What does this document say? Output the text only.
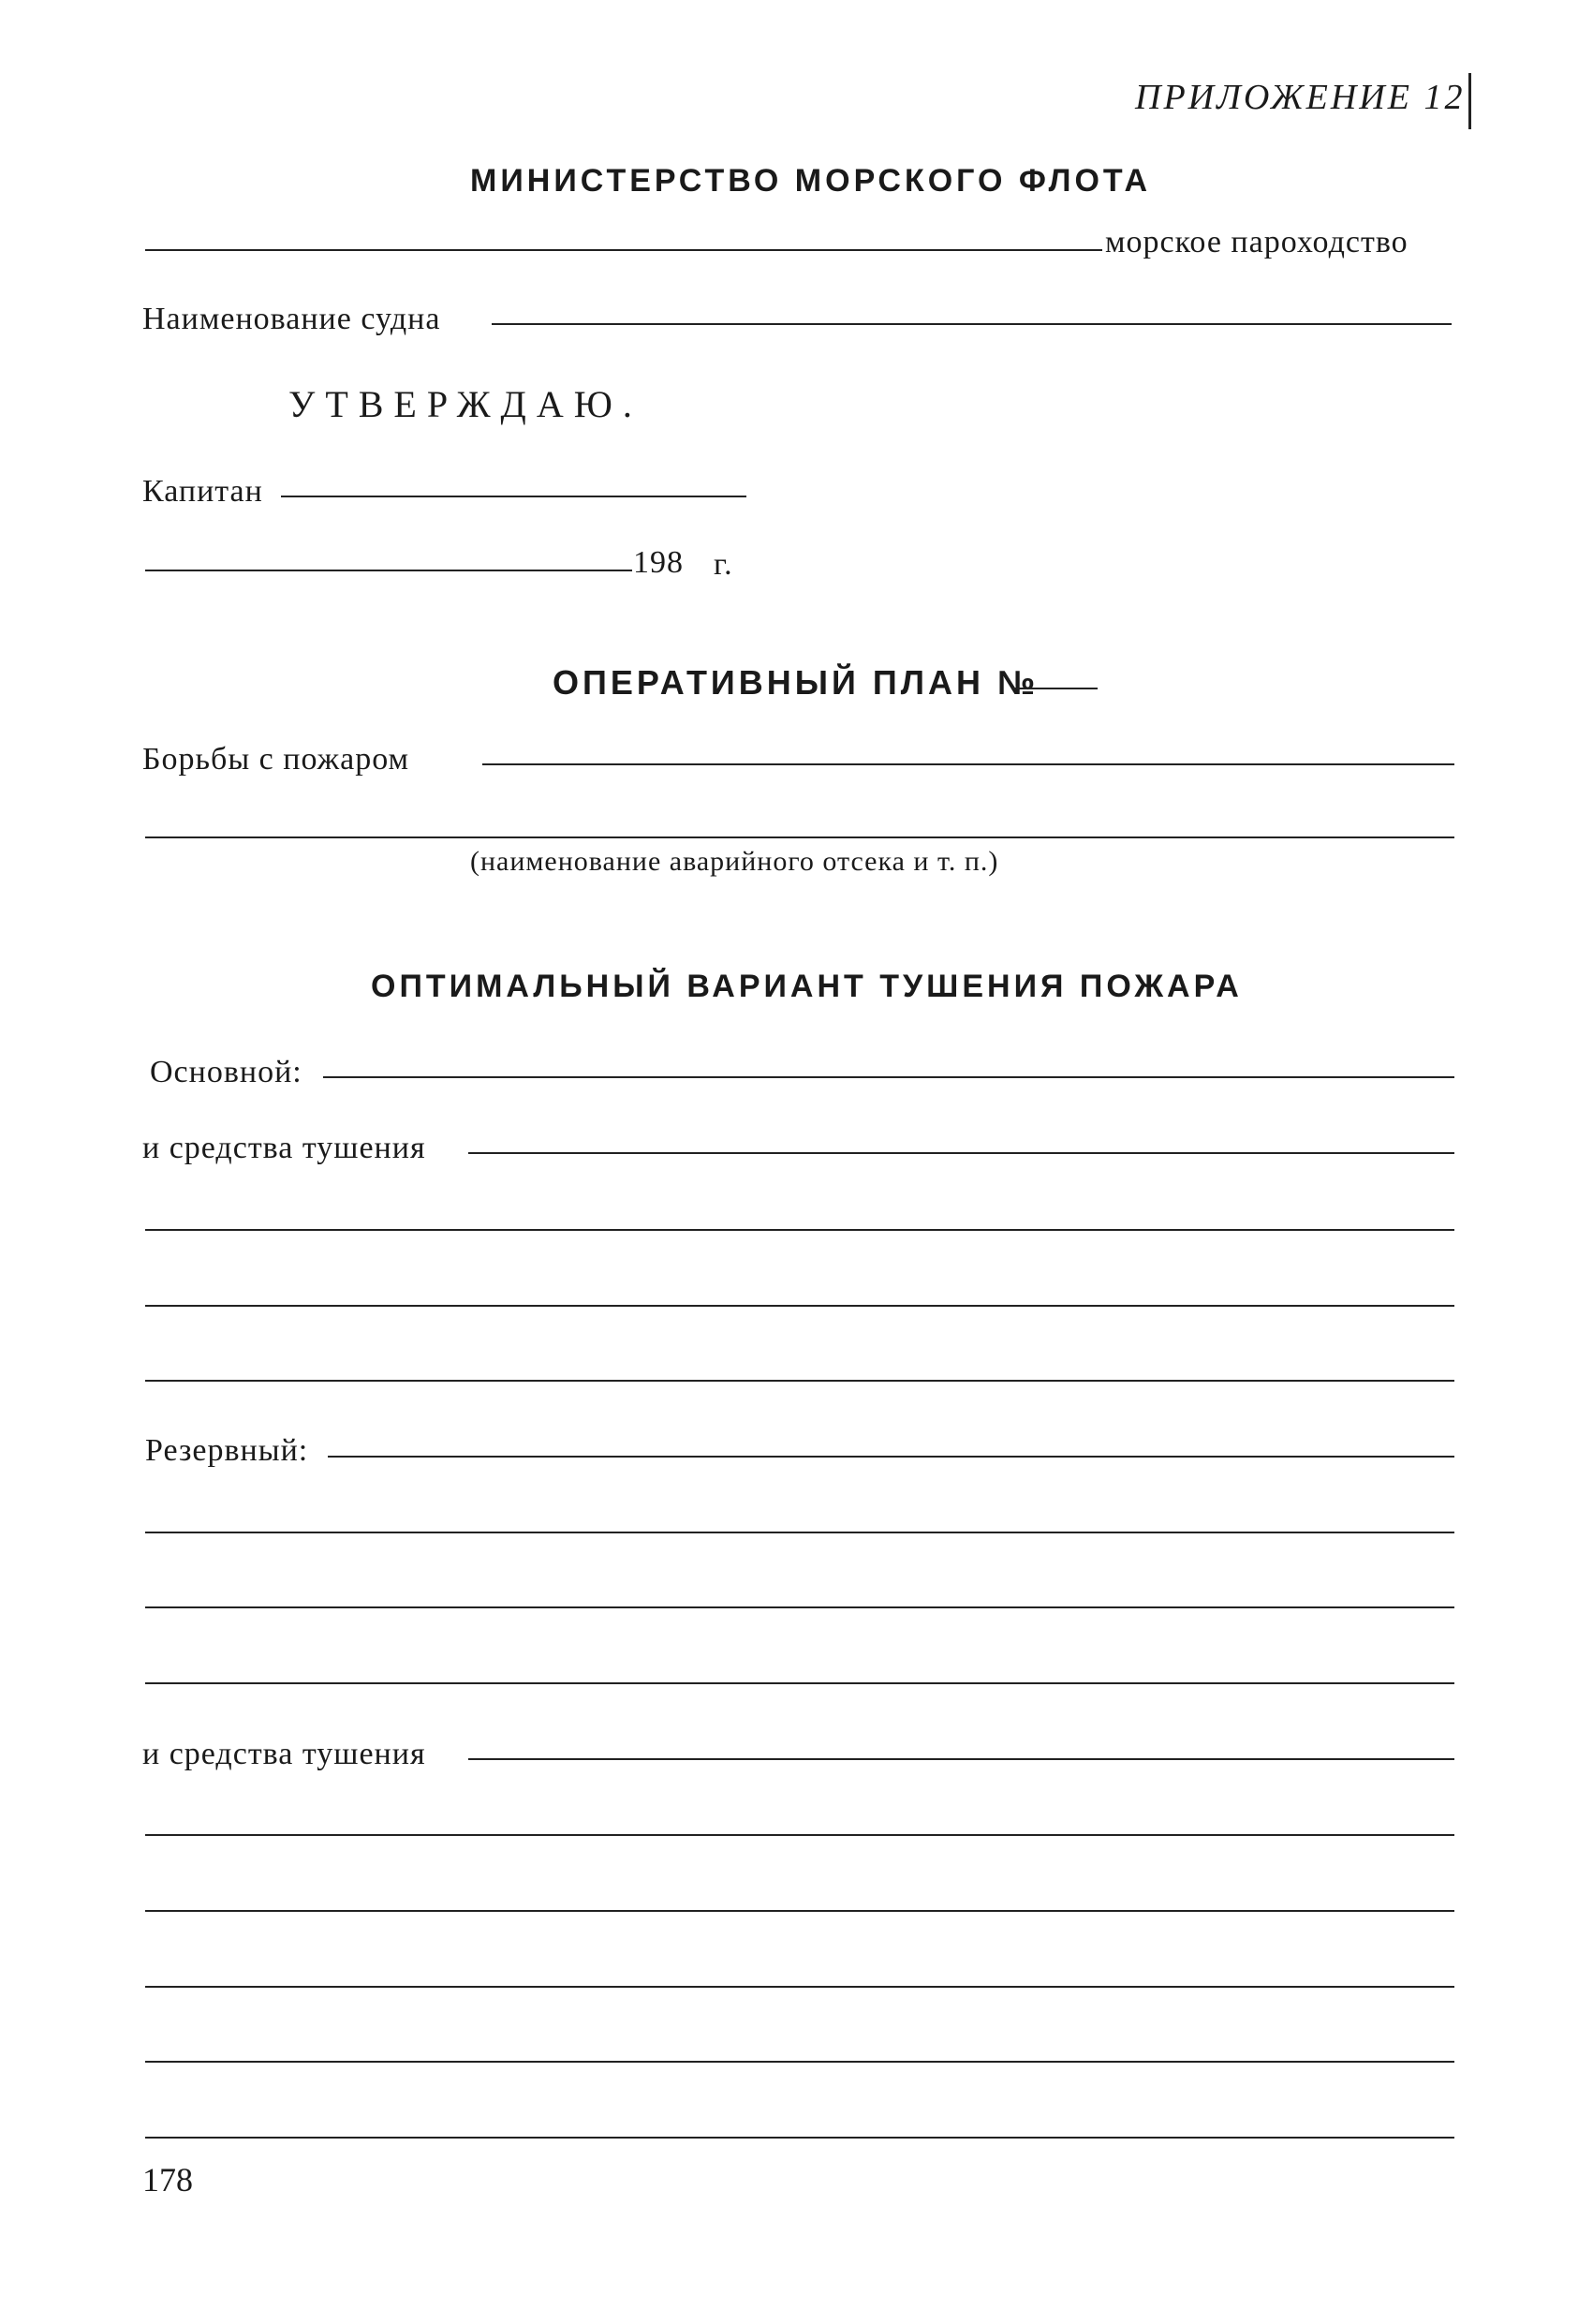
ПРИЛОЖЕНИЕ 12
МИНИСТЕРСТВО МОРСКОГО ФЛОТА
морское пароходство
Наименование судна
УТВЕРЖДАЮ.
Капитан
198 г.
ОПЕРАТИВНЫЙ ПЛАН №
Борьбы с пожаром
(наименование аварийного отсека и т. п.)
ОПТИМАЛЬНЫЙ ВАРИАНТ ТУШЕНИЯ ПОЖАРА
Основной:
и средства тушения
Резервный:
и средства тушения
178
